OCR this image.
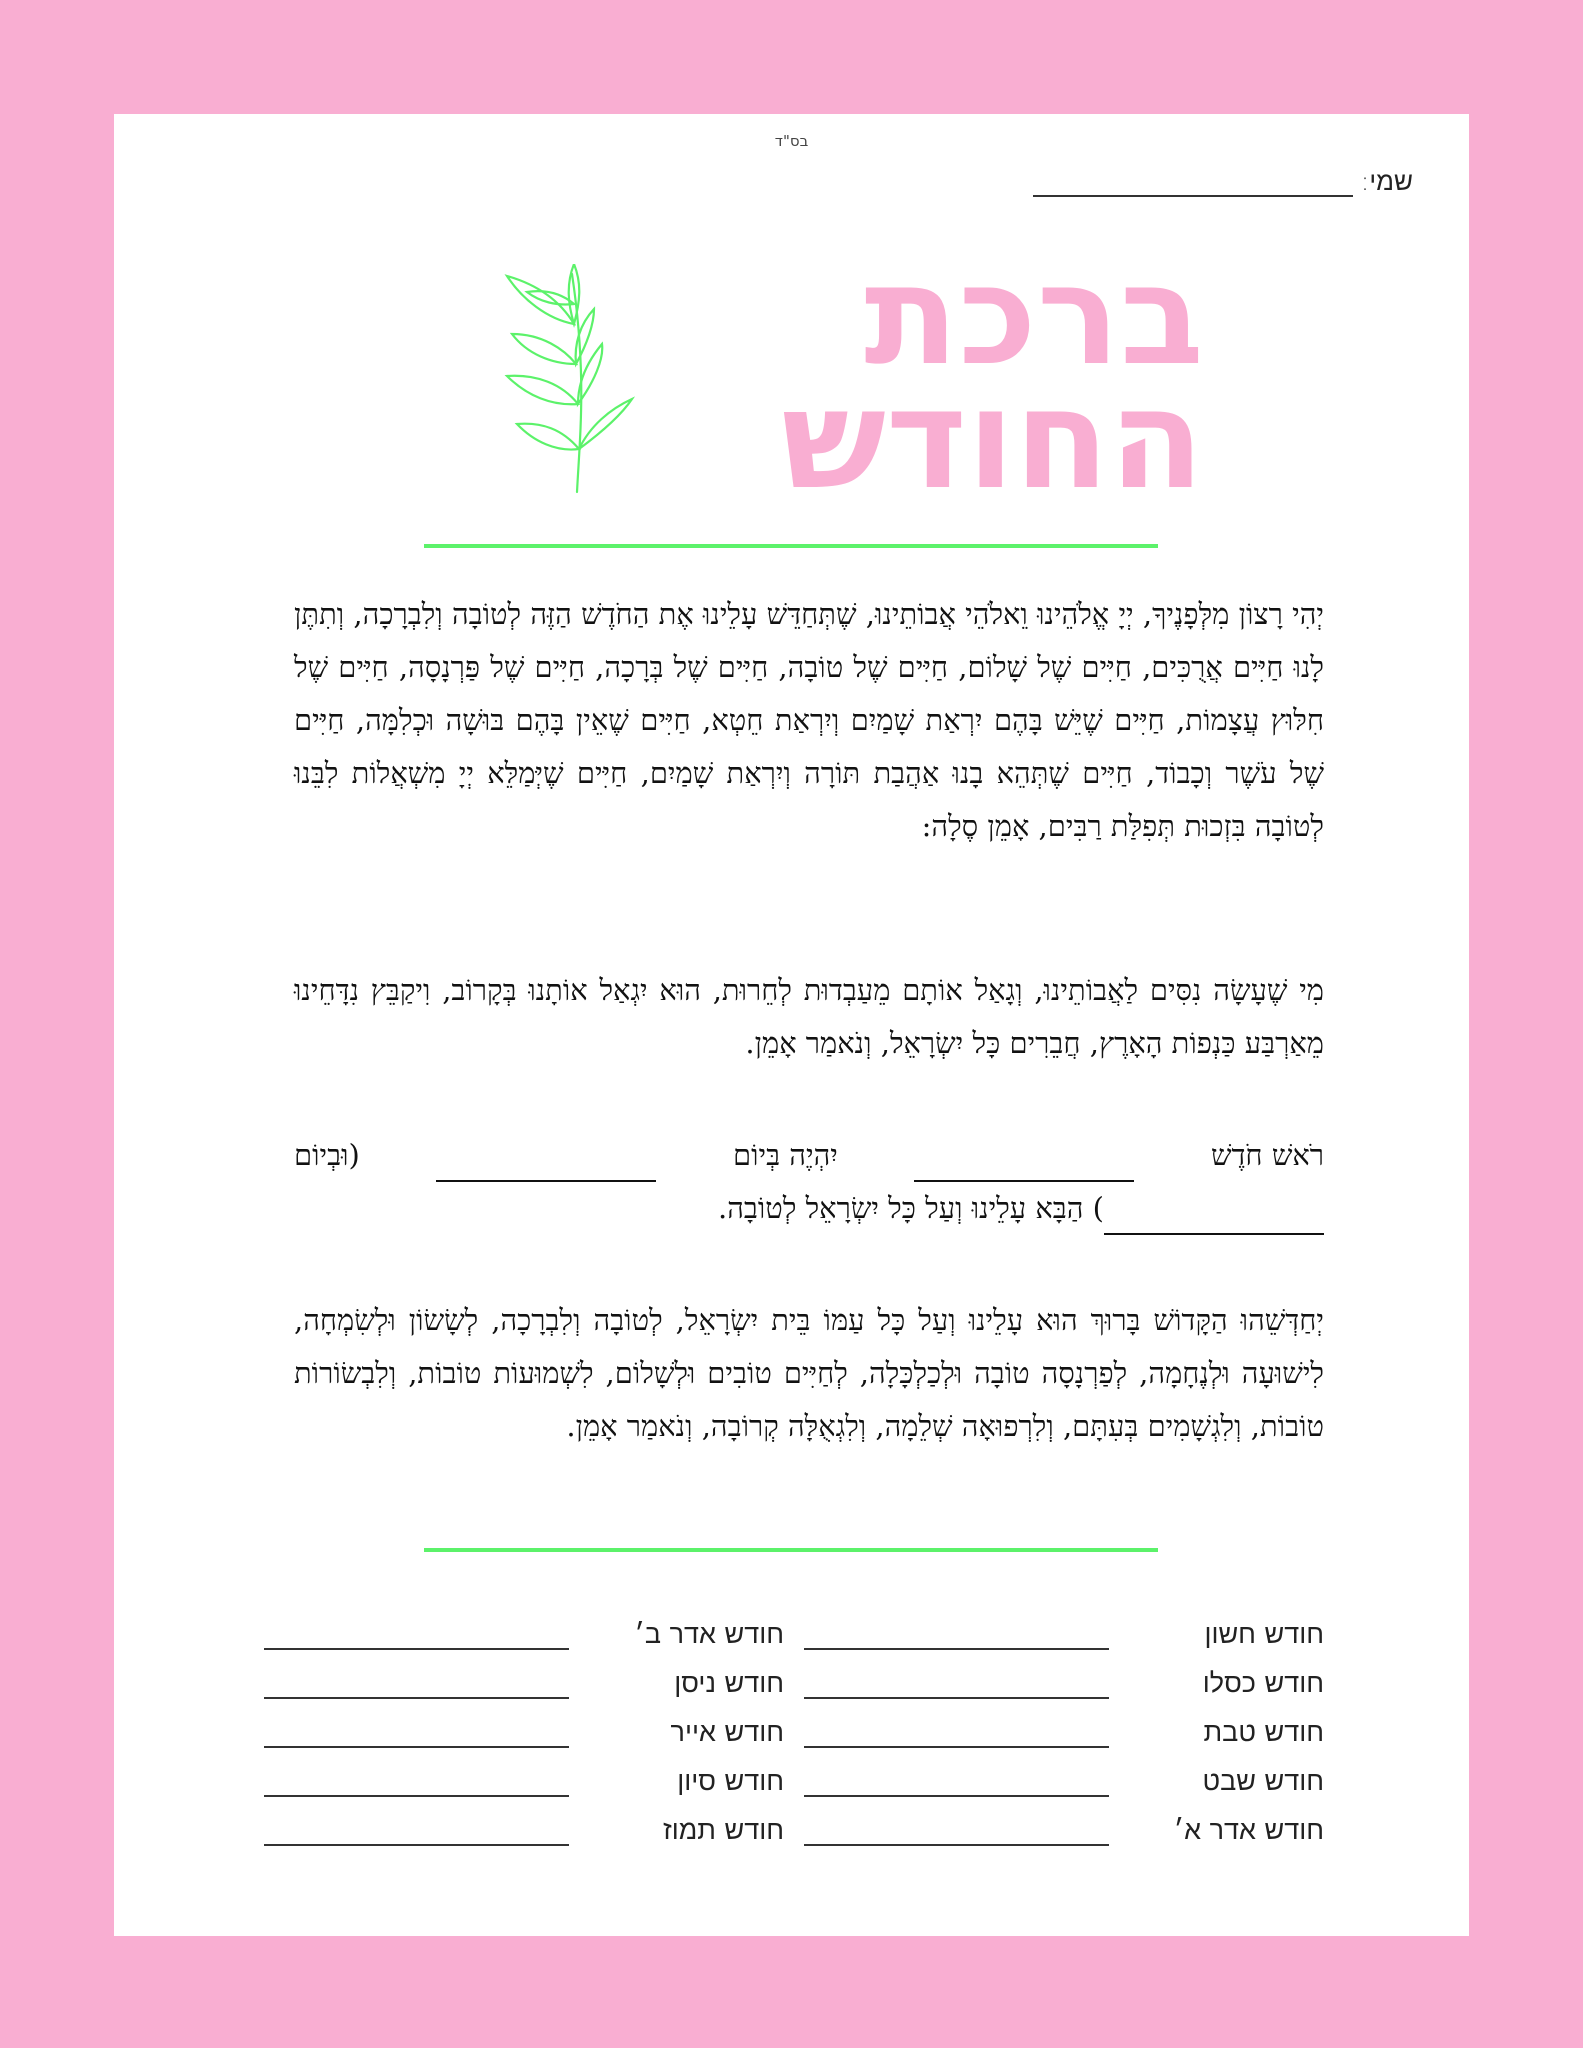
בס"ד
שמי:
ברכת
החודש
יְהִי רָצוֹן מִלְּפָנֶיךָ, יְיָ אֱלֹהֵינוּ וֵאלֹהֵי אֲבוֹתֵינוּ, שֶׁתְּחַדֵּשׁ עָלֵינוּ אֶת הַחֹדֶשׁ הַזֶּה לְטוֹבָה וְלִבְרָכָה, וְתִתֶּן לָנוּ חַיִּים אֲרֻכִּים, חַיִּים שֶׁל שָׁלוֹם, חַיִּים שֶׁל טוֹבָה, חַיִּים שֶׁל בְּרָכָה, חַיִּים שֶׁל פַּרְנָסָה, חַיִּים שֶׁל חִלּוּץ עֲצָמוֹת, חַיִּים שֶׁיֵּשׁ בָּהֶם יִרְאַת שָׁמַיִם וְיִרְאַת חֵטְא, חַיִּים שֶׁאֵין בָּהֶם בּוּשָׁה וּכְלִמָּה, חַיִּים שֶׁל עֹשֶׁר וְכָבוֹד, חַיִּים שֶׁתְּהֵא בָנוּ אַהֲבַת תּוֹרָה וְיִרְאַת שָׁמַיִם, חַיִּים שֶׁיְּמַלֵּא יְיָ מִשְׁאֲלוֹת לִבֵּנוּ לְטוֹבָה בִּזְכוּת תְּפִלַּת רַבִּים, אָמֵן סֶלָה:
מִי שֶׁעָשָׂה נִסִּים לַאֲבוֹתֵינוּ, וְגָאַל אוֹתָם מֵעַבְדוּת לְחֵרוּת, הוּא יִגְאַל אוֹתָנוּ בְּקָרוֹב, וִיקַבֵּץ נִדָּחֵינוּ מֵאַרְבַּע כַּנְפוֹת הָאָרֶץ, חֲבֵרִים כָּל יִשְׂרָאֵל, וְנֹאמַר אָמֵן.
רֹאשׁ חֹדֶשׁ
יִהְיֶה בְּיוֹם
(וּבְיוֹם
) הַבָּא עָלֵינוּ וְעַל כָּל יִשְׂרָאֵל לְטוֹבָה.
יְחַדְּשֵׁהוּ הַקָּדוֹשׁ בָּרוּךְ הוּא עָלֵינוּ וְעַל כָּל עַמּוֹ בֵּית יִשְׂרָאֵל, לְטוֹבָה וְלִבְרָכָה, לְשָׂשׂוֹן וּלְשִׂמְחָה, לִישׁוּעָה וּלְנֶחָמָה, לְפַרְנָסָה טוֹבָה וּלְכַלְכָּלָה, לְחַיִּים טוֹבִים וּלְשָׁלוֹם, לִשְׁמוּעוֹת טוֹבוֹת, וְלִבְשׂוֹרוֹת טוֹבוֹת, וְלִגְשָׁמִים בְּעִתָּם, וְלִרְפוּאָה שְׁלֵמָה, וְלִגְאֻלָּה קְרוֹבָה, וְנֹאמַר אָמֵן.
חודש חשון
חודש כסלו
חודש טבת
חודש שבט
חודש אדר א׳
חודש אדר ב׳
חודש ניסן
חודש אייר
חודש סיון
חודש תמוז
